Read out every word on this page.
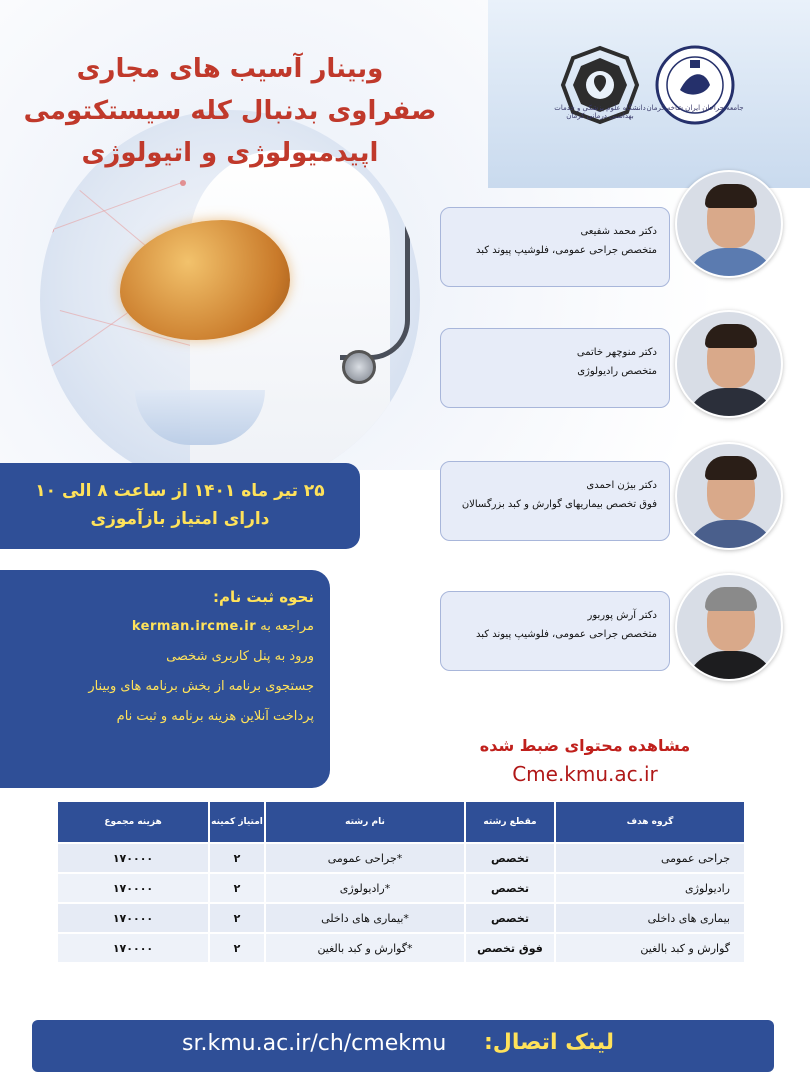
وبینار آسیب های مجاری
صفراوی بدنبال کله سیستکتومی
اپیدمیولوژی و اتیولوژی
دانشگاه علوم پزشکی و خدمات بهداشتی درمانی کرمان
جامعه جراحان ایران شاخه کرمان
دکتر محمد شفیعی
متخصص جراحی عمومی، فلوشیپ پیوند کبد
دکتر منوچهر خاتمی
متخصص رادیولوژی
دکتر بیژن احمدی
فوق تخصص بیماریهای گوارش و کبد بزرگسالان
دکتر آرش پوربور
متخصص جراحی عمومی، فلوشیپ پیوند کبد
۲۵ تیر ماه ۱۴۰۱ از ساعت ۸ الی ۱۰
دارای امتیاز بازآموزی
نحوه ثبت نام:
مراجعه به kerman.ircme.ir
ورود به پنل کاربری شخصی
جستجوی برنامه از بخش برنامه های وبینار
پرداخت آنلاین هزینه برنامه و ثبت نام
مشاهده محتوای ضبط شده
Cme.kmu.ac.ir
گروه هدف	مقطع رشته	نام رشته	امتیاز کمینه	هزینه مجموع
جراحی عمومی	تخصص	*جراحی عمومی	۲	۱۷۰۰۰۰
رادیولوژی	تخصص	*رادیولوژی	۲	۱۷۰۰۰۰
بیماری های داخلی	تخصص	*بیماری های داخلی	۲	۱۷۰۰۰۰
گوارش و کبد بالغین	فوق تخصص	*گوارش و کبد بالغین	۲	۱۷۰۰۰۰
لینک اتصال:
sr.kmu.ac.ir/ch/cmekmu
